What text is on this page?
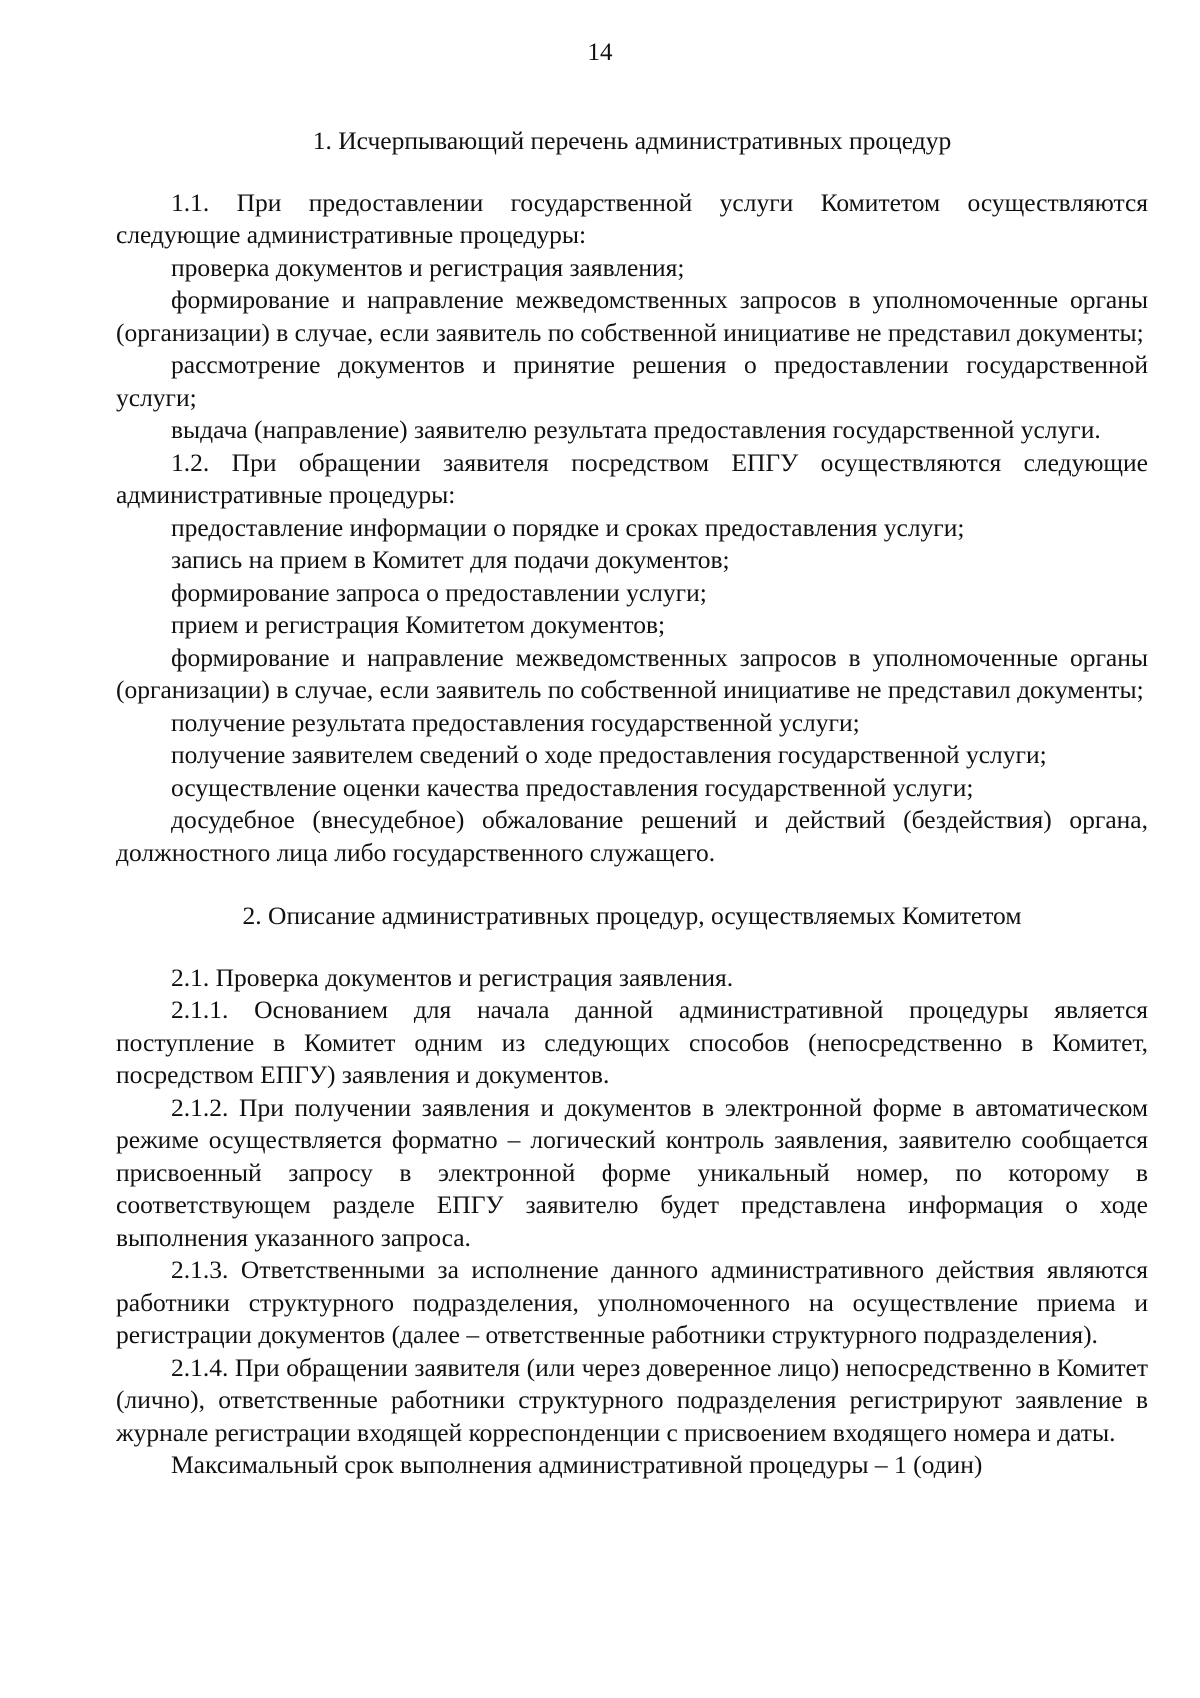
14

1. Исчерпывающий перечень административных процедур

1.1. При предоставлении государственной услуги Комитетом осуществляются следующие административные процедуры:

проверка документов и регистрация заявления;

формирование и направление межведомственных запросов в уполномоченные органы (организации) в случае, если заявитель по собственной инициативе не представил документы;

рассмотрение документов и принятие решения о предоставлении государственной услуги;

выдача (направление) заявителю результата предоставления государственной услуги.

1.2. При обращении заявителя посредством ЕПГУ осуществляются следующие административные процедуры:

предоставление информации о порядке и сроках предоставления услуги;

запись на прием в Комитет для подачи документов;

формирование запроса о предоставлении услуги;

прием и регистрация Комитетом документов;

формирование и направление межведомственных запросов в уполномоченные органы (организации) в случае, если заявитель по собственной инициативе не представил документы;

получение результата предоставления государственной услуги;

получение заявителем сведений о ходе предоставления государственной услуги;

осуществление оценки качества предоставления государственной услуги;

досудебное (внесудебное) обжалование решений и действий (бездействия) органа, должностного лица либо государственного служащего.

2. Описание административных процедур, осуществляемых Комитетом

2.1. Проверка документов и регистрация заявления.

2.1.1. Основанием для начала данной административной процедуры является поступление в Комитет одним из следующих способов (непосредственно в Комитет, посредством ЕПГУ) заявления и документов.

2.1.2. При получении заявления и документов в электронной форме в автоматическом режиме осуществляется форматно – логический контроль заявления, заявителю сообщается присвоенный запросу в электронной форме уникальный номер, по которому в соответствующем разделе ЕПГУ заявителю будет представлена информация о ходе выполнения указанного запроса.

2.1.3. Ответственными за исполнение данного административного действия являются работники структурного подразделения, уполномоченного на осуществление приема и регистрации документов (далее – ответственные работники структурного подразделения).

2.1.4. При обращении заявителя (или через доверенное лицо) непосредственно в Комитет (лично), ответственные работники структурного подразделения регистрируют заявление в журнале регистрации входящей корреспонденции с присвоением входящего номера и даты.

Максимальный срок выполнения административной процедуры – 1 (один)
